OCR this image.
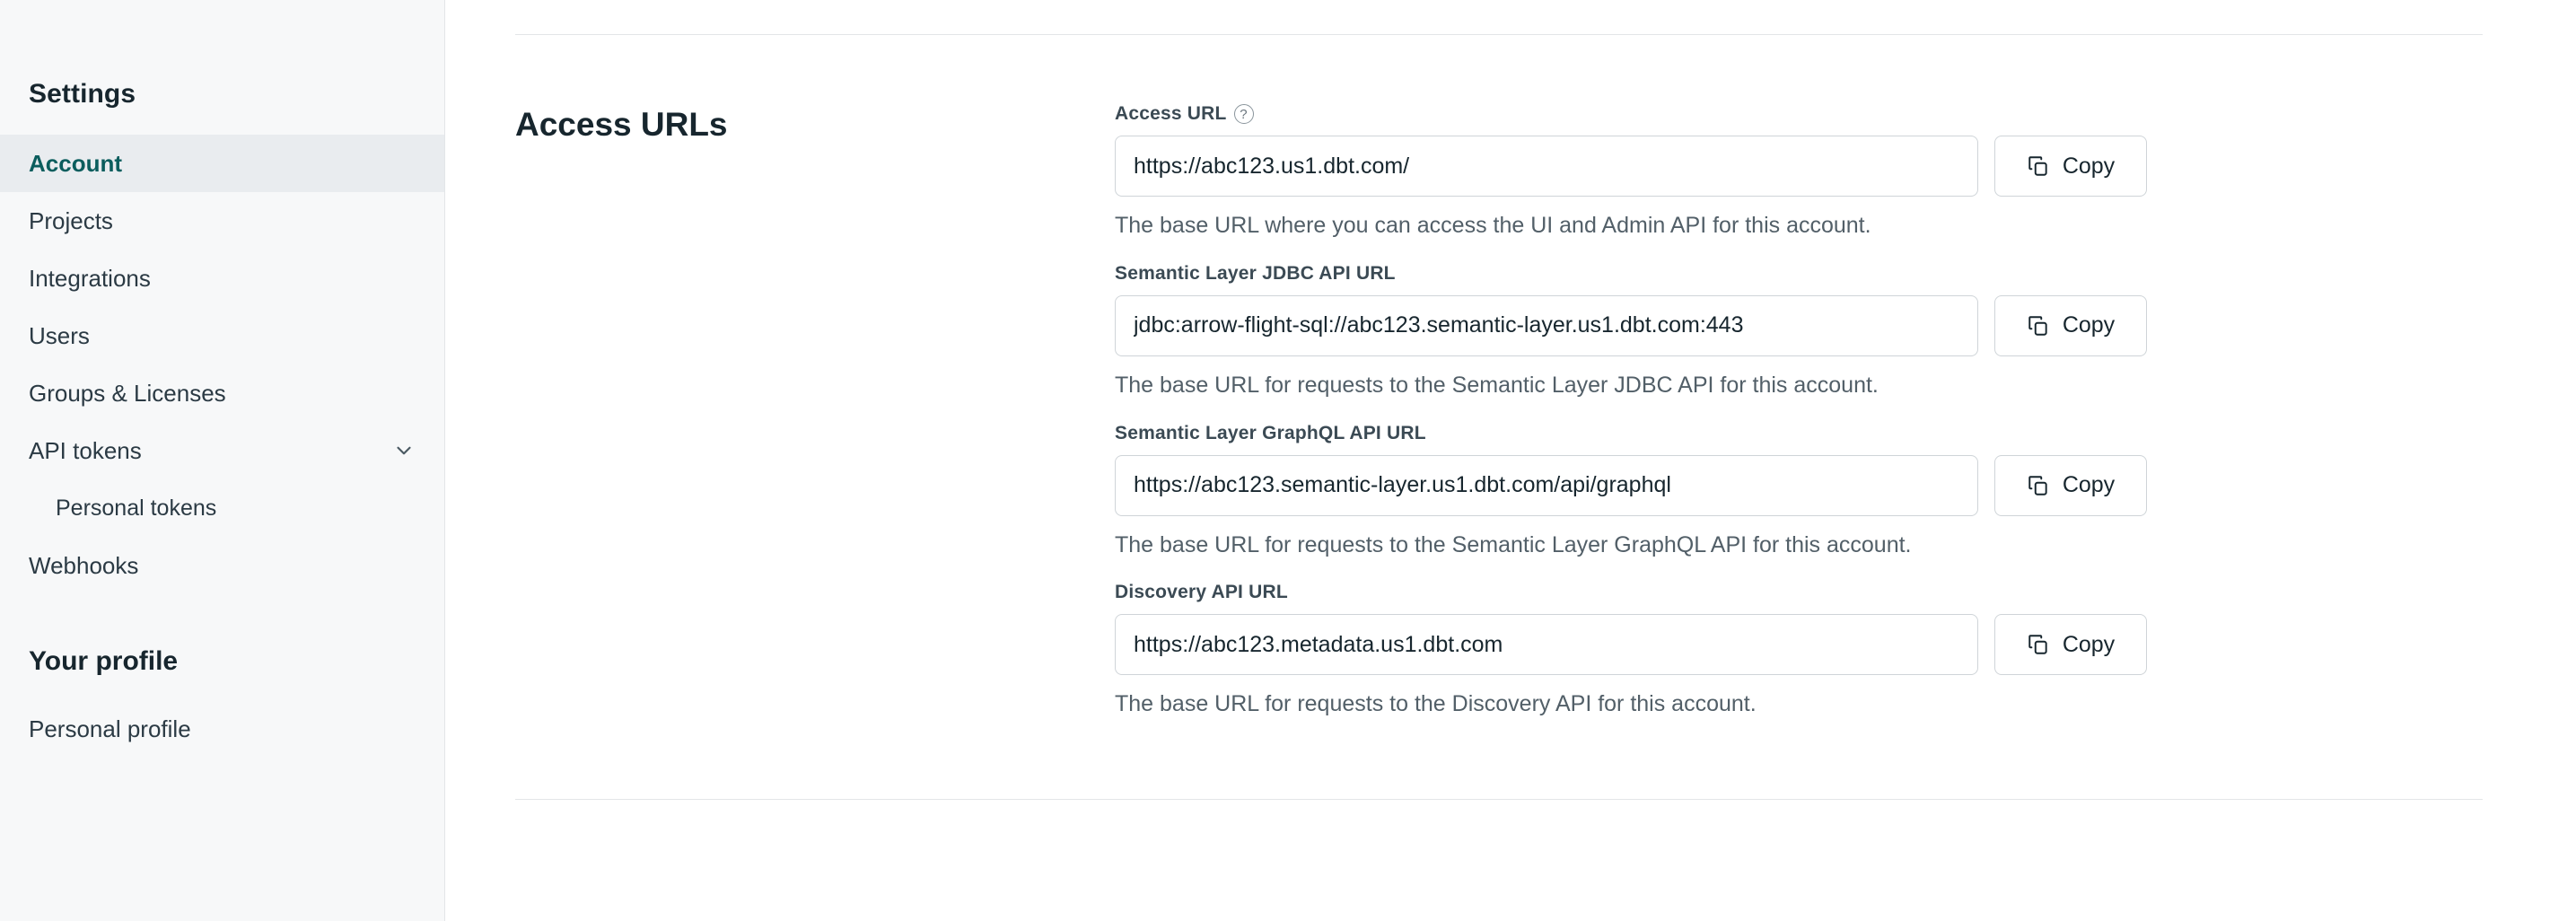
Settings
Account
Projects
Integrations
Users
Groups & Licenses
API tokens
Personal tokens
Webhooks
Your profile
Personal profile
Access URLs	Access URL ?
https://abc123.us1.dbt.com/
Copy
The base URL where you can access the UI and Admin API for this account.
Semantic Layer JDBC API URL
jdbc:arrow-flight-sql://abc123.semantic-layer.us1.dbt.com:443
Copy
The base URL for requests to the Semantic Layer JDBC API for this account.
Semantic Layer GraphQL API URL
https://abc123.semantic-layer.us1.dbt.com/api/graphql
Copy
The base URL for requests to the Semantic Layer GraphQL API for this account.
Discovery API URL
https://abc123.metadata.us1.dbt.com
Copy
The base URL for requests to the Discovery API for this account.
